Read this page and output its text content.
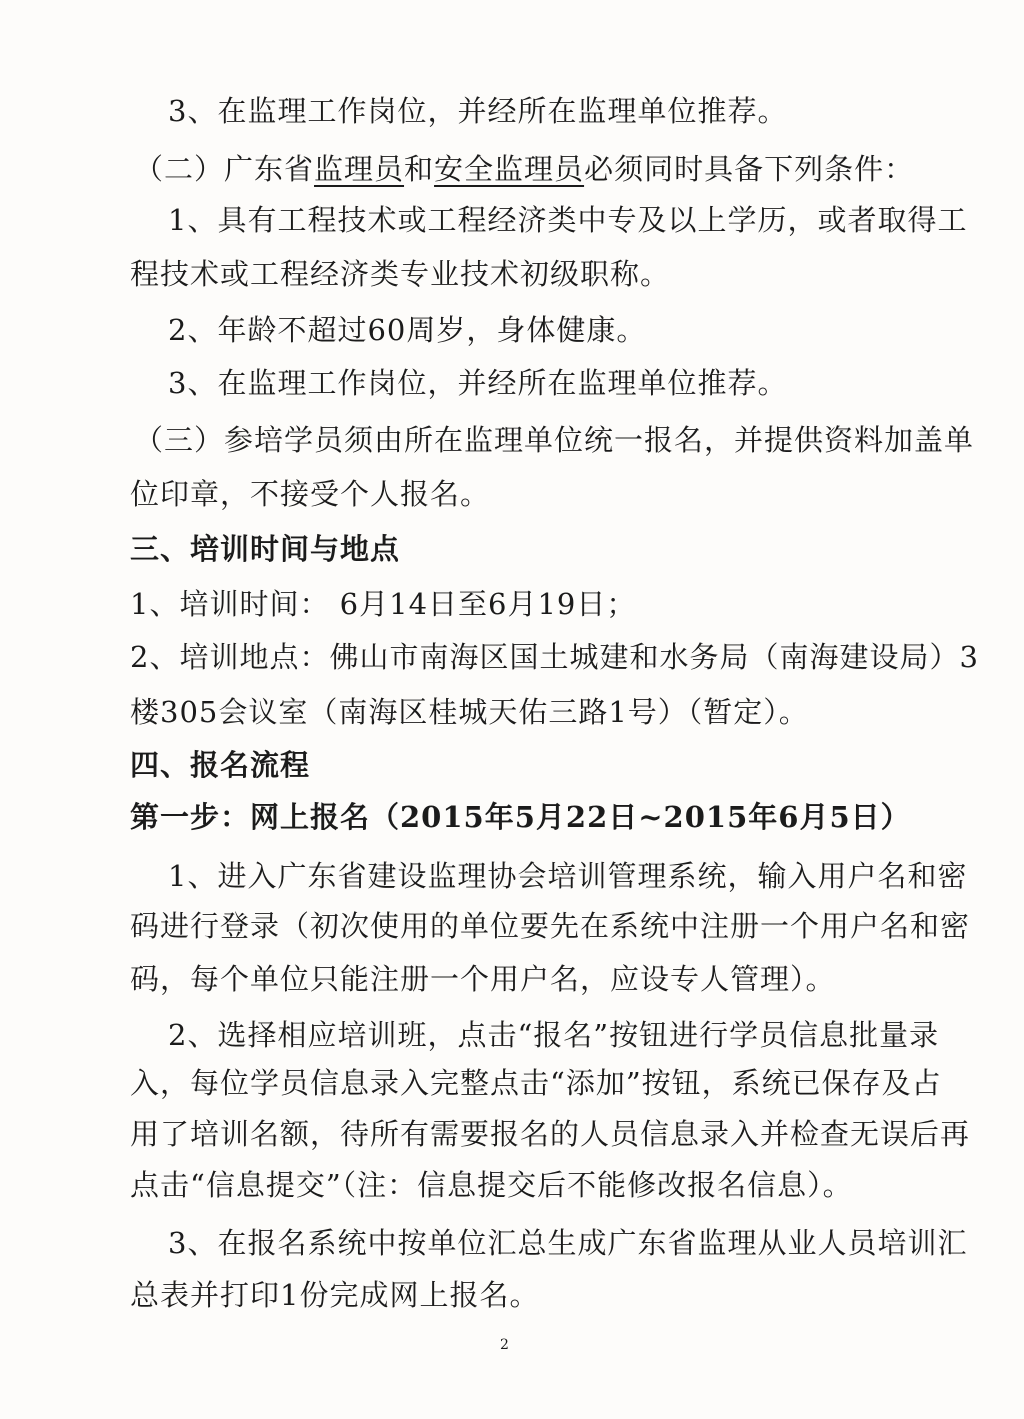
3、在监理工作岗位，并经所在监理单位推荐。
（二）广东省监理员和安全监理员必须同时具备下列条件：
1、具有工程技术或工程经济类中专及以上学历，或者取得工
程技术或工程经济类专业技术初级职称。
2、年龄不超过60周岁，身体健康。
3、在监理工作岗位，并经所在监理单位推荐。
（三）参培学员须由所在监理单位统一报名，并提供资料加盖单
位印章，不接受个人报名。
三、培训时间与地点
1、培训时间： 6月14日至6月19日；
2、培训地点：佛山市南海区国土城建和水务局（南海建设局）3
楼305会议室（南海区桂城天佑三路1号）（暂定）。
四、报名流程
第一步：网上报名（2015年5月22日~2015年6月5日）
1、进入广东省建设监理协会培训管理系统，输入用户名和密
码进行登录（初次使用的单位要先在系统中注册一个用户名和密
码，每个单位只能注册一个用户名，应设专人管理）。
2、选择相应培训班，点击“报名”按钮进行学员信息批量录
入，每位学员信息录入完整点击“添加”按钮，系统已保存及占
用了培训名额，待所有需要报名的人员信息录入并检查无误后再
点击“信息提交”（注：信息提交后不能修改报名信息）。
3、在报名系统中按单位汇总生成广东省监理从业人员培训汇
总表并打印1份完成网上报名。
2
